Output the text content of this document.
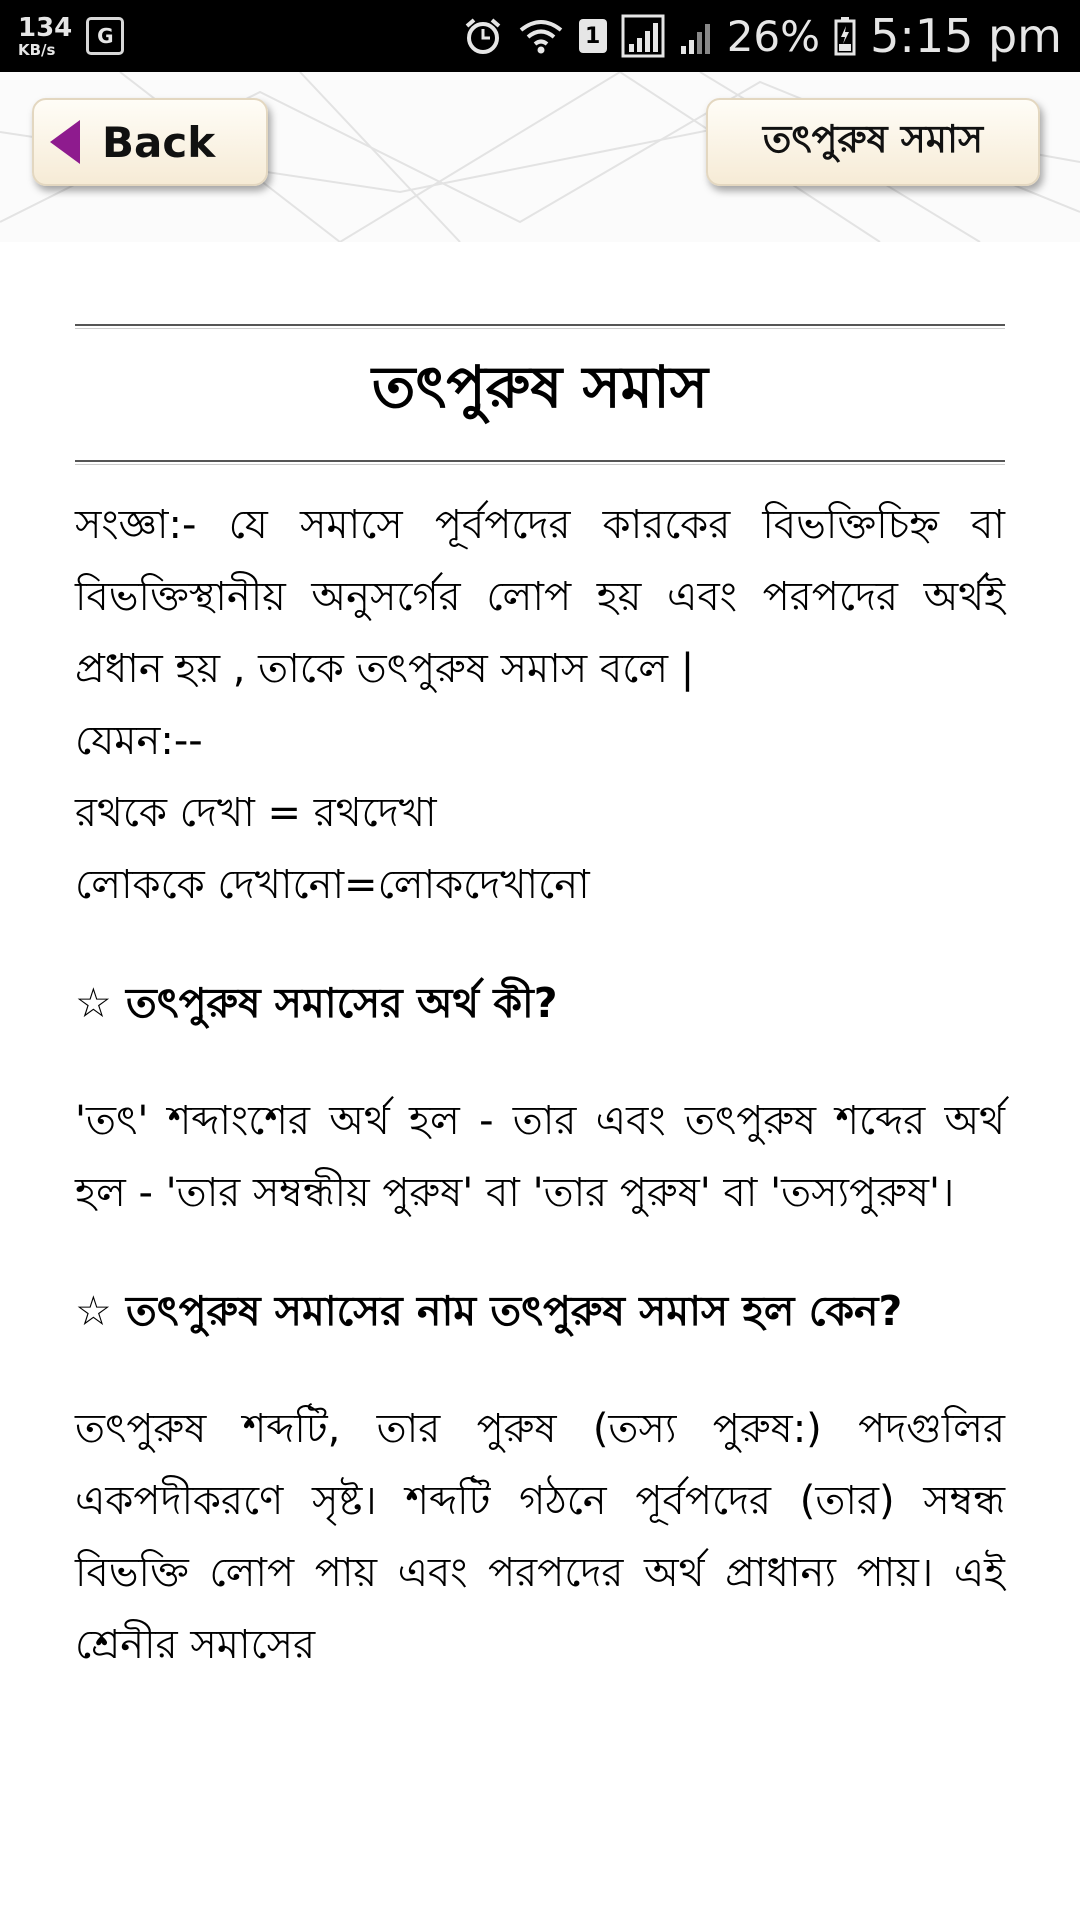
134
KB/s
G	1	26% 5:15 pm
Back	তৎপুরুষ সমাস
তৎপুরুষ সমাস

সংজ্ঞা:- যে সমাসে পূর্বপদের কারকের বিভক্তিচিহ্ন বা বিভক্তিস্থানীয় অনুসর্গের লোপ হয় এবং পরপদের অর্থই প্রধান হয় , তাকে তৎপুরুষ সমাস বলে |

যেমন:--

রথকে দেখা = রথদেখা

লোককে দেখানো=লোকদেখানো

☆ তৎপুরুষ সমাসের অর্থ কী?

'তৎ' শব্দাংশের অর্থ হল - তার এবং তৎপুরুষ শব্দের অর্থ হল - 'তার সম্বন্ধীয় পুরুষ' বা 'তার পুরুষ' বা 'তস্যপুরুষ'।

☆ তৎপুরুষ সমাসের নাম তৎপুরুষ সমাস হল কেন?

তৎপুরুষ শব্দটি, তার পুরুষ (তস্য পুরুষ:) পদগুলির একপদীকরণে সৃষ্ট। শব্দটি গঠনে পূর্বপদের (তার) সম্বন্ধ বিভক্তি লোপ পায় এবং পরপদের অর্থ প্রাধান্য পায়। এই শ্রেনীর সমাসের
